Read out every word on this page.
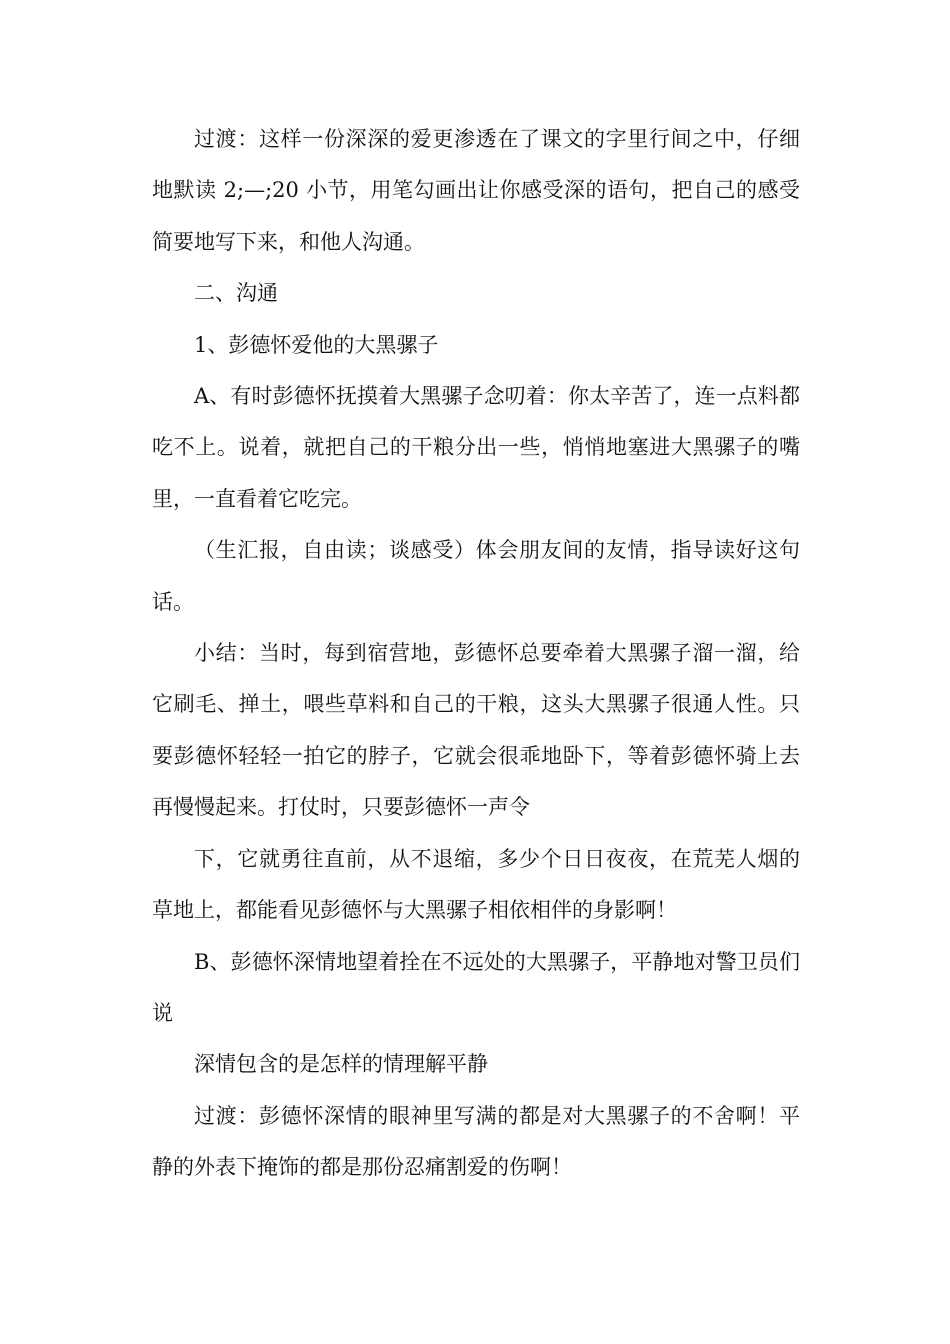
过渡：这样一份深深的爱更渗透在了课文的字里行间之中，仔细地默读 2;—;20 小节，用笔勾画出让你感受深的语句，把自己的感受简要地写下来，和他人沟通。

二、沟通

1、彭德怀爱他的大黑骡子

A、有时彭德怀抚摸着大黑骡子念叨着：你太辛苦了，连一点料都吃不上。说着，就把自己的干粮分出一些，悄悄地塞进大黑骡子的嘴里，一直看着它吃完。

（生汇报，自由读；谈感受）体会朋友间的友情，指导读好这句话。

小结：当时，每到宿营地，彭德怀总要牵着大黑骡子溜一溜，给它刷毛、掸土，喂些草料和自己的干粮，这头大黑骡子很通人性。只要彭德怀轻轻一拍它的脖子，它就会很乖地卧下，等着彭德怀骑上去再慢慢起来。打仗时，只要彭德怀一声令

下，它就勇往直前，从不退缩，多少个日日夜夜，在荒芜人烟的草地上，都能看见彭德怀与大黑骡子相依相伴的身影啊！

B、彭德怀深情地望着拴在不远处的大黑骡子，平静地对警卫员们说

深情包含的是怎样的情理解平静

过渡：彭德怀深情的眼神里写满的都是对大黑骡子的不舍啊！平静的外表下掩饰的都是那份忍痛割爱的伤啊！
